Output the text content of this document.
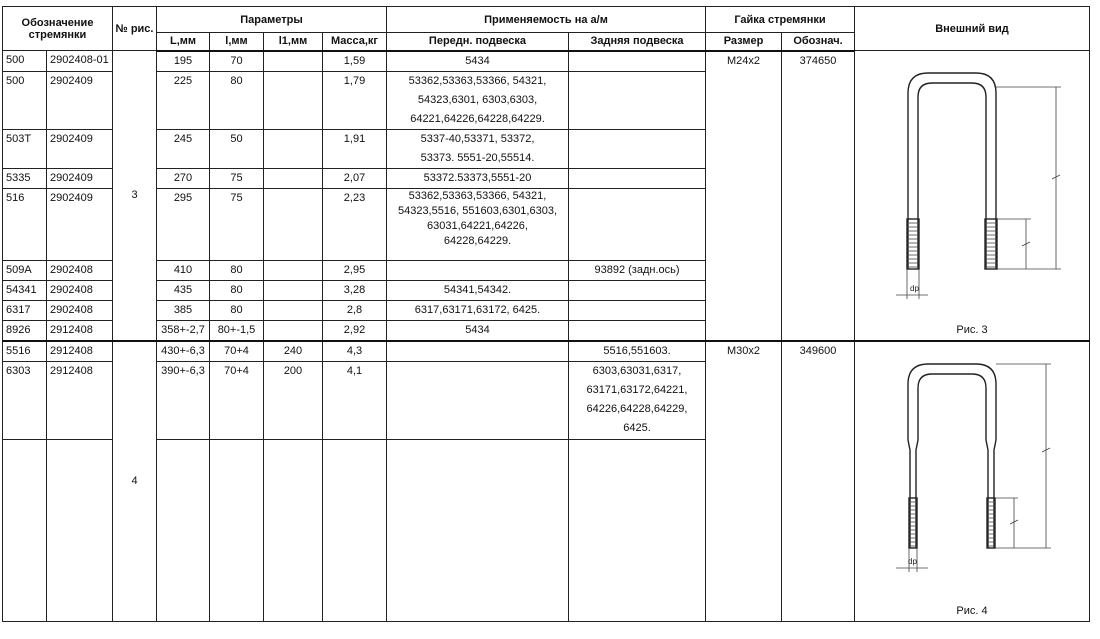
Обозначение стремянки		№ рис.	Параметры				Применяемость на а/м		Гайка стремянки		Внешний вид
			L,мм	l,мм	l1,мм	Масса,кг	Передн. подвеска	Задняя подвеска	Размер	Обознач.	

500	2902408-01	3	195	70		1,59	5434		М24х2	374650	dp
Рис. 3

500	2902409		225	80		1,79	53362,53363,53366, 54321,
54323,6301, 6303,6303,
64221,64226,64228,64229.				

503Т	2902409		245	50		1,91	5337-40,53371, 53372,
53373. 5551-20,55514.				

5335	2902409		270	75		2,07	53372.53373,5551-20				

516	2902409		295	75		2,23	53362,53363,53366, 54321,
54323,5516, 551603,6301,6303,
63031,64221,64226,
64228,64229.				

509А	2902408		410	80		2,95		93892 (задн.ось)			

54341	2902408		435	80		3,28	54341,54342.				

6317	2902408		385	80		2,8	6317,63171,63172, 6425.				

8926	2912408		358+-2,7	80+-1,5		2,92	5434				

5516	2912408	4	430+-6,3	70+4	240	4,3		5516,551603.	М30х2	349600	dp
Рис. 4

6303	2912408		390+-6,3	70+4	200	4,1		6303,63031,6317,
63171,63172,64221,
64226,64228,64229,
6425.			
